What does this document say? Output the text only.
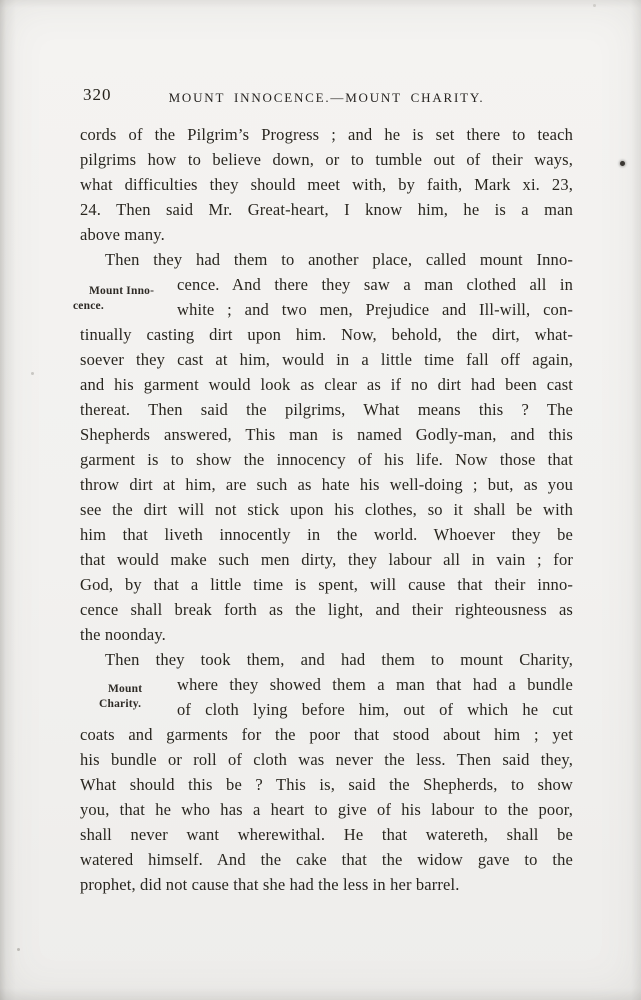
320	MOUNT INNOCENCE.—MOUNT CHARITY.
Mount Inno-
cence.
Mount
Charity.
cords of the Pilgrim’s Progress ; and he is set there to teach
pilgrims how to believe down, or to tumble out of their ways,
what difficulties they should meet with, by faith, Mark xi. 23,
24. Then said Mr. Great-heart, I know him, he is a man
above many.
Then they had them to another place, called mount Inno-
cence. And there they saw a man clothed all in
white ; and two men, Prejudice and Ill-will, con-
tinually casting dirt upon him. Now, behold, the dirt, what-
soever they cast at him, would in a little time fall off again,
and his garment would look as clear as if no dirt had been cast
thereat. Then said the pilgrims, What means this ? The
Shepherds answered, This man is named Godly-man, and this
garment is to show the innocency of his life. Now those that
throw dirt at him, are such as hate his well-doing ; but, as you
see the dirt will not stick upon his clothes, so it shall be with
him that liveth innocently in the world. Whoever they be
that would make such men dirty, they labour all in vain ; for
God, by that a little time is spent, will cause that their inno-
cence shall break forth as the light, and their righteousness as
the noonday.
Then they took them, and had them to mount Charity,
where they showed them a man that had a bundle
of cloth lying before him, out of which he cut
coats and garments for the poor that stood about him ; yet
his bundle or roll of cloth was never the less. Then said they,
What should this be ? This is, said the Shepherds, to show
you, that he who has a heart to give of his labour to the poor,
shall never want wherewithal. He that watereth, shall be
watered himself. And the cake that the widow gave to the
prophet, did not cause that she had the less in her barrel.
